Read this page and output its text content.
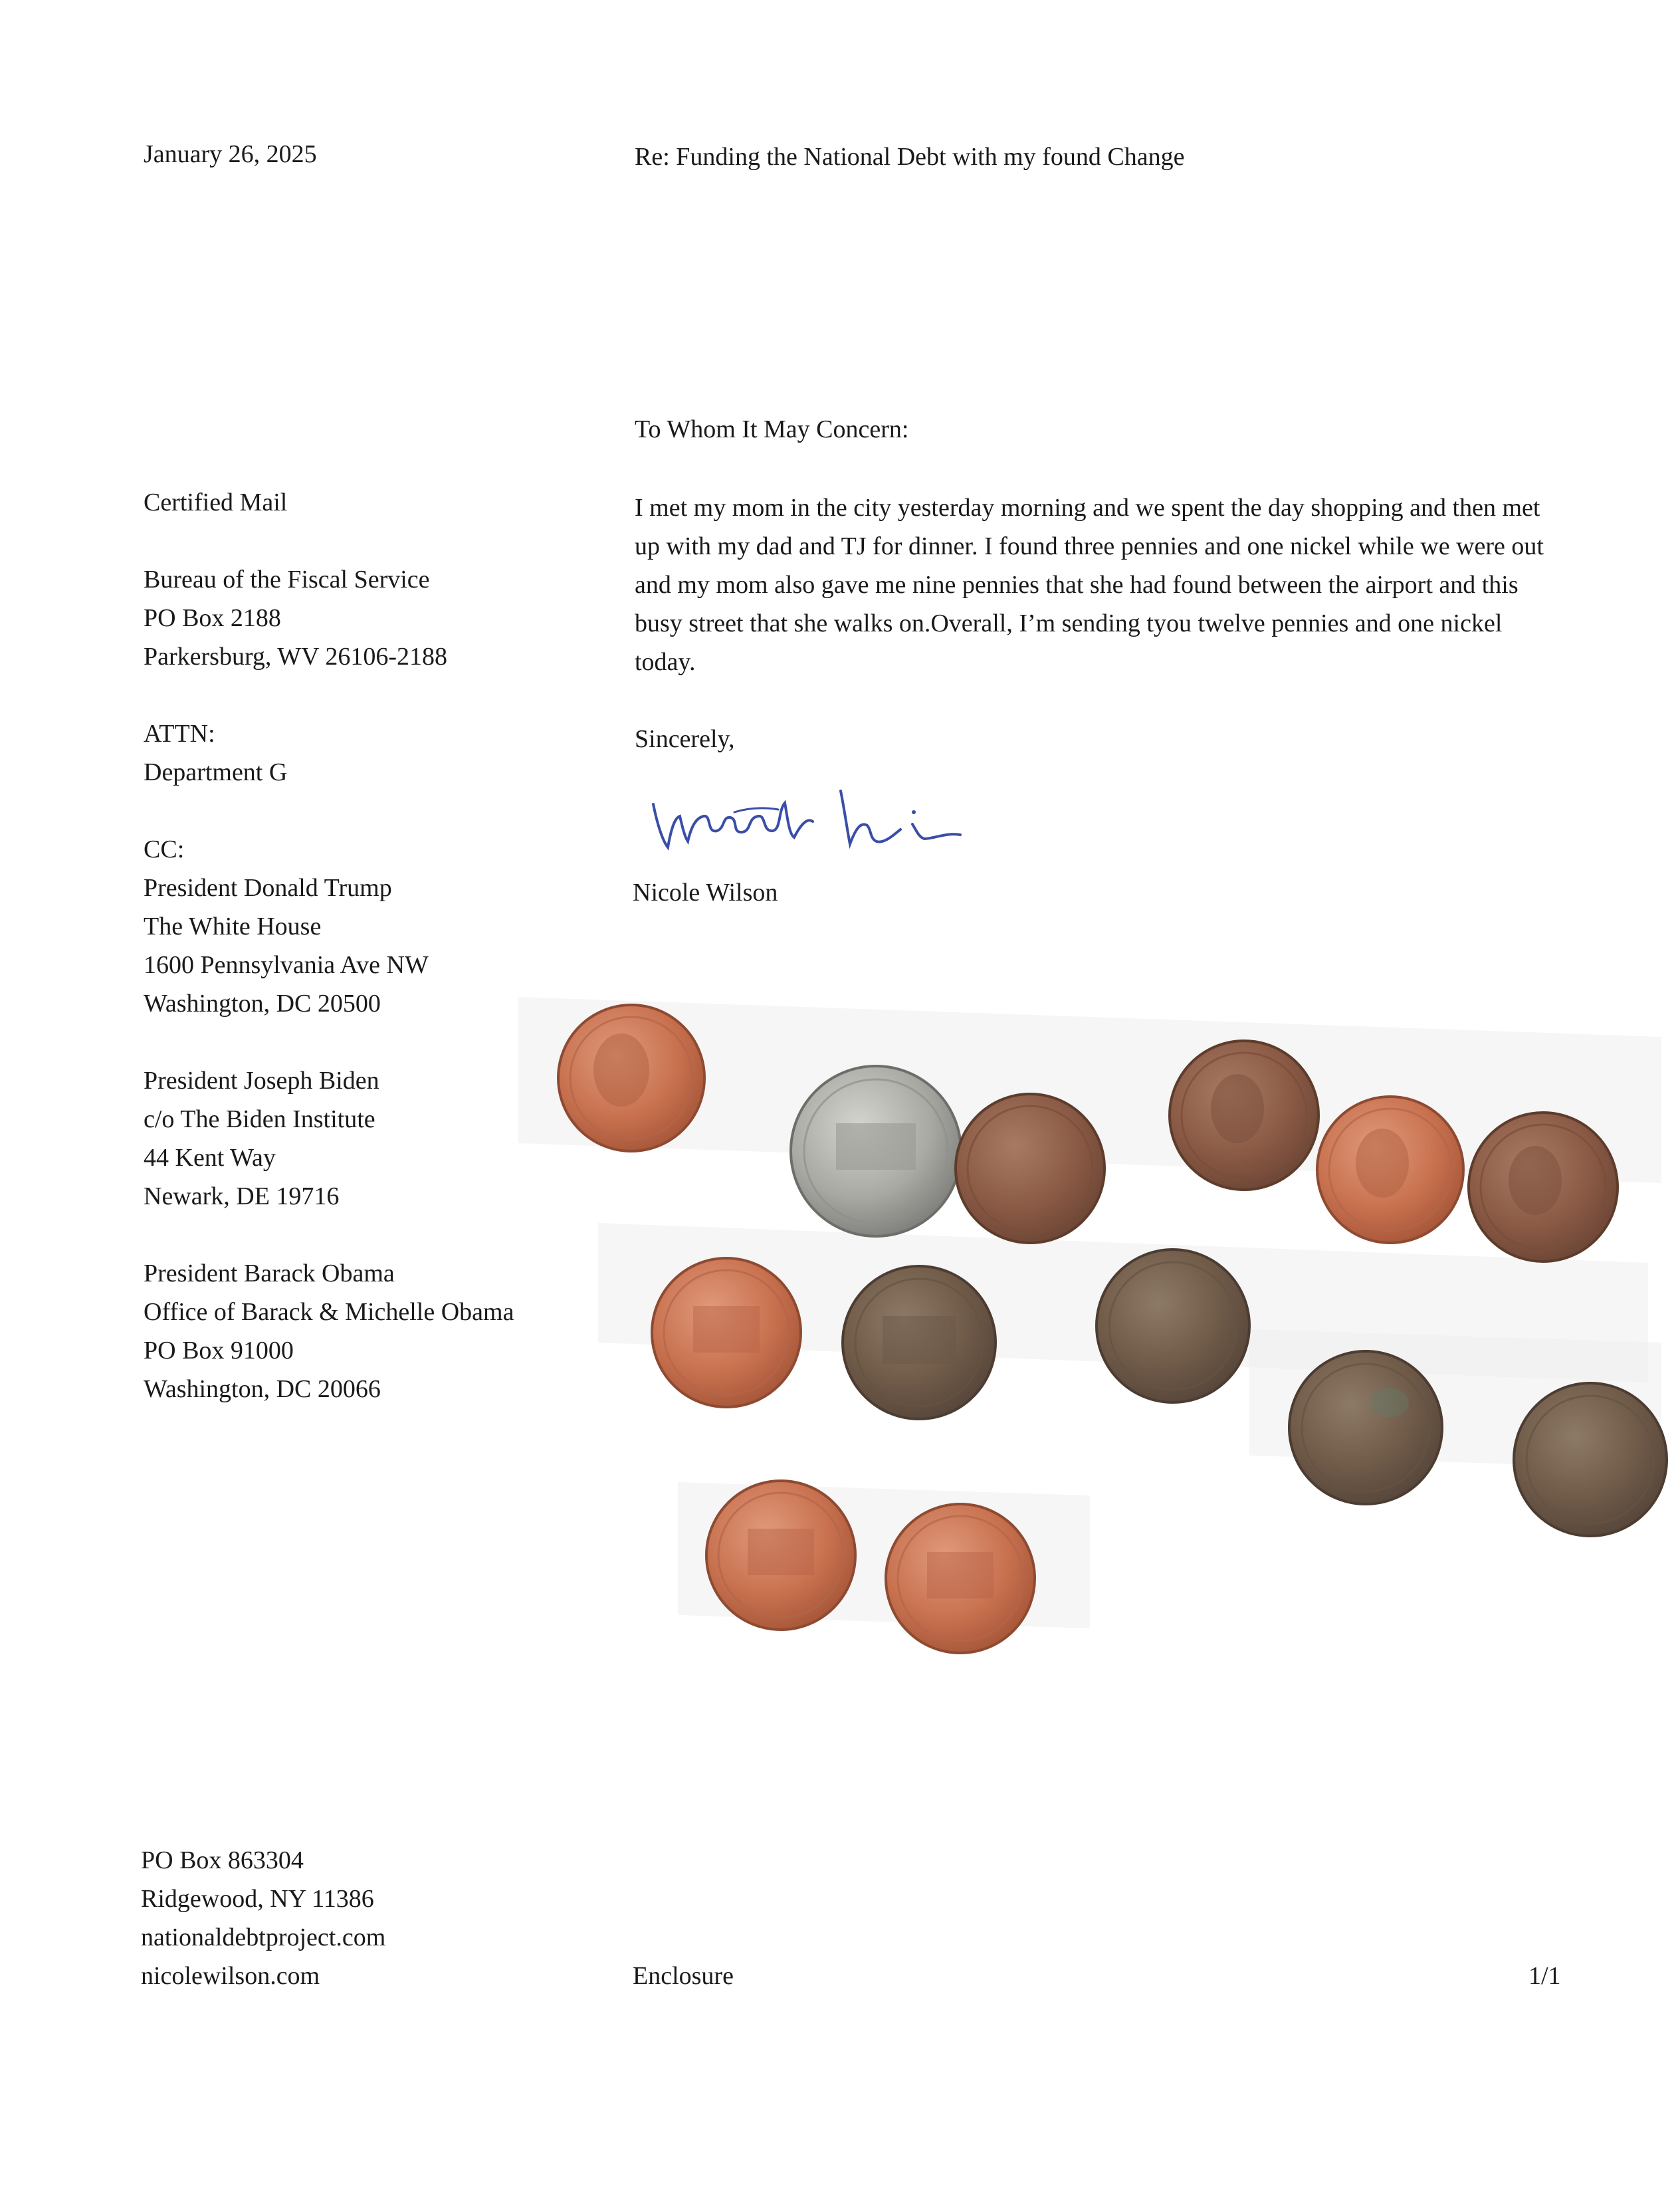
January 26, 2025	Re: Funding the National Debt with my found Change
Certified Mail
Bureau of the Fiscal Service
PO Box 2188
Parkersburg, WV 26106-2188
ATTN:
Department G
CC:
President Donald Trump
The White House
1600 Pennsylvania Ave NW
Washington, DC 20500
President Joseph Biden
c/o The Biden Institute
44 Kent Way
Newark, DE 19716
President Barack Obama
Office of Barack & Michelle Obama
PO Box 91000
Washington, DC 20066
To Whom It May Concern:
I met my mom in the city yesterday morning and we spent the day shopping and then met up with my dad and TJ for dinner. I found three pennies and one nickel while we were out and my mom also gave me nine pennies that she had found between the airport and this busy street that she walks on.Overall, I’m sending tyou twelve pennies and one nickel today.
Sincerely,
Nicole Wilson
PO Box 863304
Ridgewood, NY 11386
nationaldebtproject.com
nicolewilson.com	Enclosure	1/1
